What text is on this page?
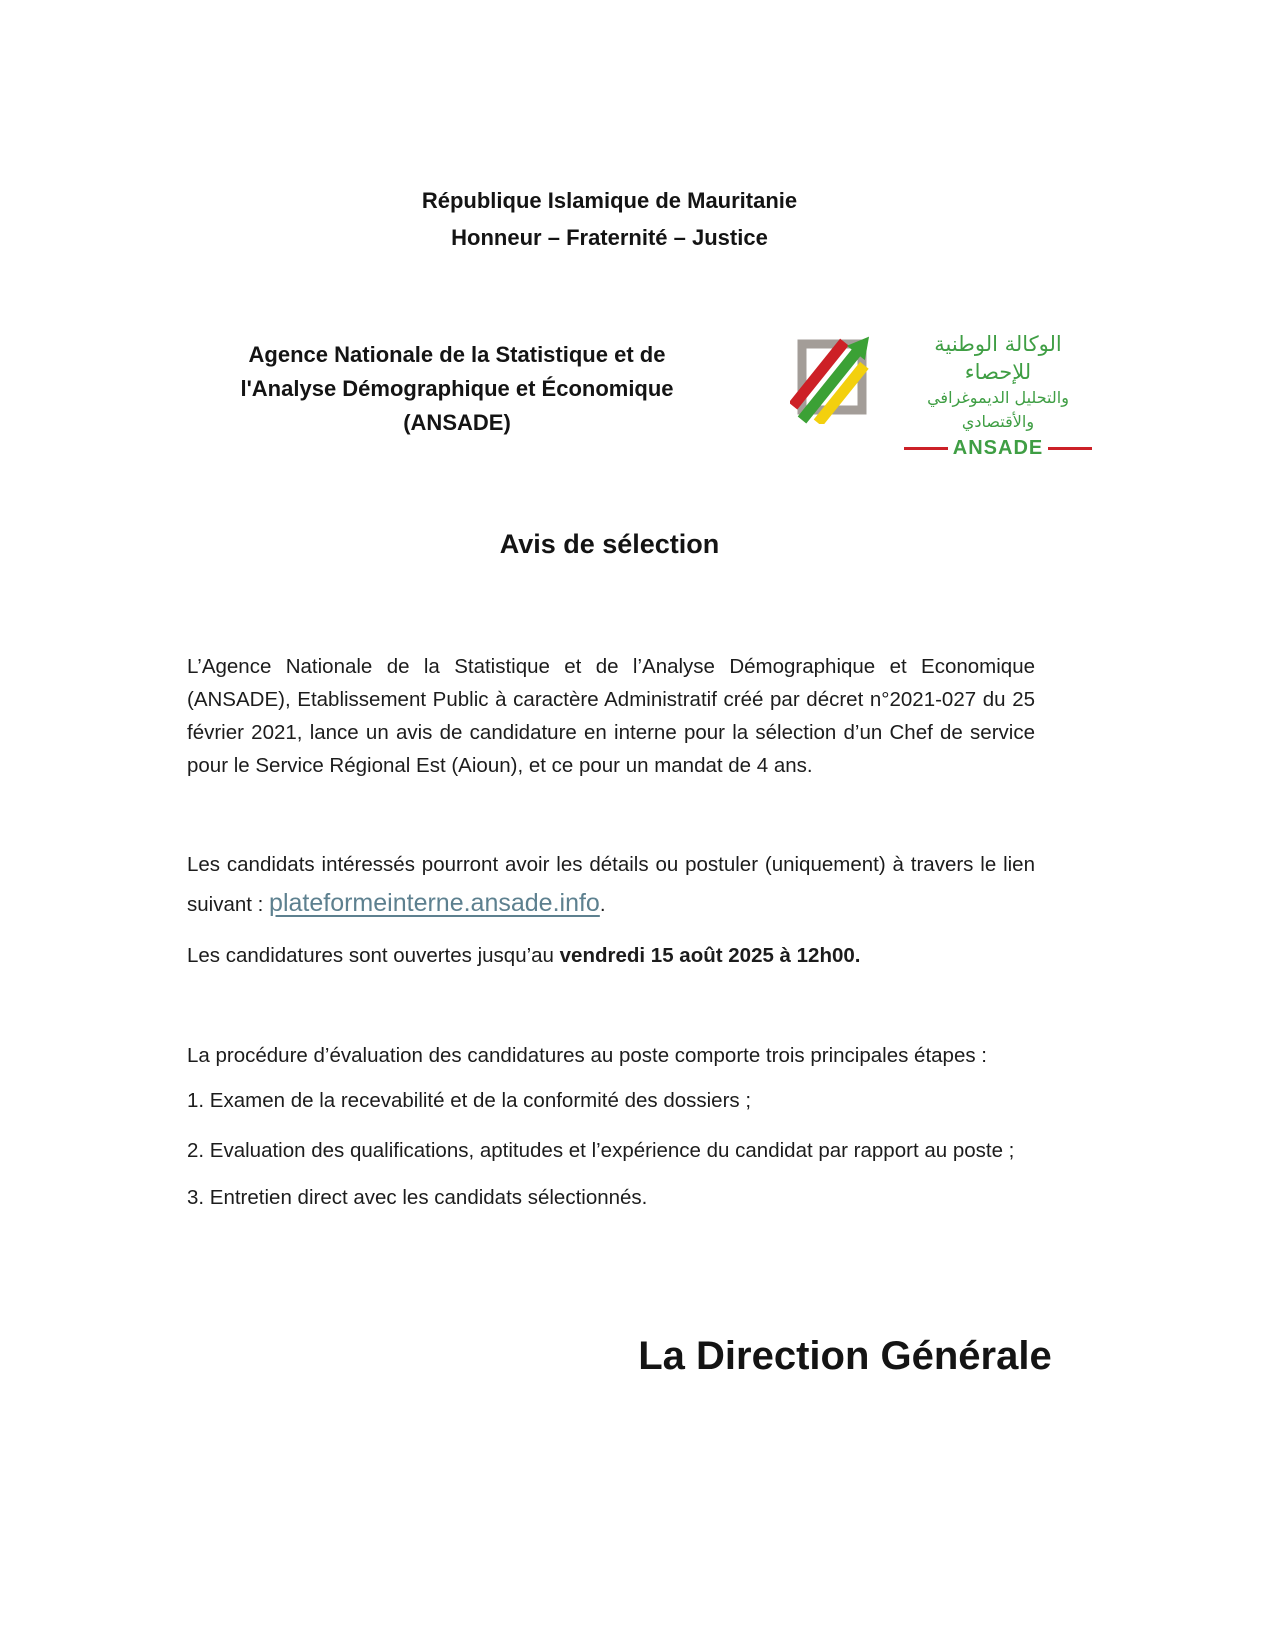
République Islamique de Mauritanie
Honneur – Fraternité – Justice
Agence Nationale de la Statistique et de
l'Analyse Démographique et Économique
(ANSADE)
الوكالة الوطنية للإحصاء
والتحليل الديموغرافي والأقتصادي
ANSADE
Avis de sélection
L’Agence Nationale de la Statistique et de l’Analyse Démographique et Economique
(ANSADE), Etablissement Public à caractère Administratif créé par décret n°2021-027 du 25
février 2021, lance un avis de candidature en interne pour la sélection d’un Chef de service
pour le Service Régional Est (Aioun), et ce pour un mandat de 4 ans.
Les candidats intéressés pourront avoir les détails ou postuler (uniquement) à travers le lien
suivant : plateformeinterne.ansade.info.
Les candidatures sont ouvertes jusqu’au vendredi 15 août 2025 à 12h00.
La procédure d’évaluation des candidatures au poste comporte trois principales étapes :
1. Examen de la recevabilité et de la conformité des dossiers ;
2. Evaluation des qualifications, aptitudes et l’expérience du candidat par rapport au poste ;
3. Entretien direct avec les candidats sélectionnés.
La Direction Générale
